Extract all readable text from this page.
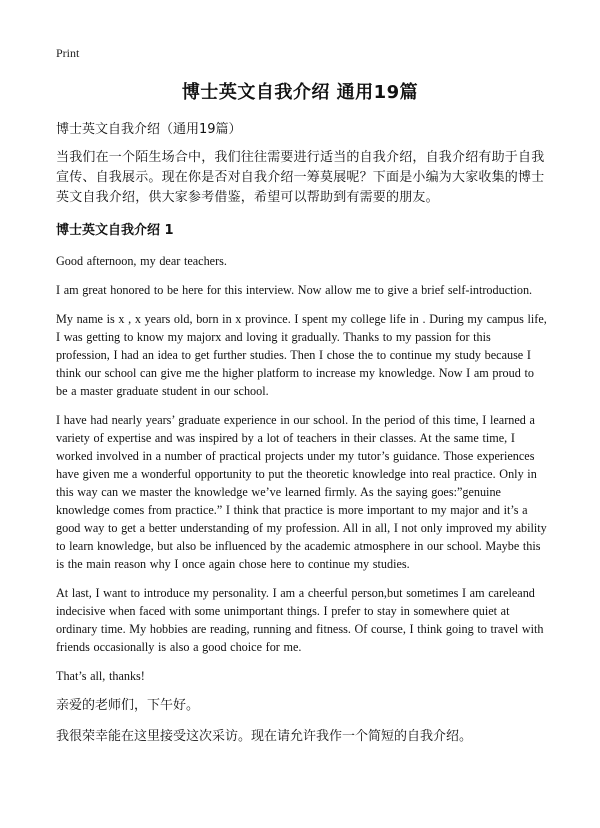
Print
博士英文自我介绍 通用19篇

博士英文自我介绍（通用19篇）

当我们在一个陌生场合中，我们往往需要进行适当的自我介绍，自我介绍有助于自我宣传、自我展示。现在你是否对自我介绍一筹莫展呢？下面是小编为大家收集的博士英文自我介绍，供大家参考借鉴，希望可以帮助到有需要的朋友。

博士英文自我介绍 1

Good afternoon, my dear teachers.

I am great honored to be here for this interview. Now allow me to give a brief self-introduction.

My name is x , x years old, born in x province. I spent my college life in . During my campus life, I was getting to know my majorx and loving it gradually. Thanks to my passion for this profession, I had an idea to get further studies. Then I chose the to continue my study because I think our school can give me the higher platform to increase my knowledge. Now I am proud to be a master graduate student in our school.

I have had nearly years’ graduate experience in our school. In the period of this time, I learned a variety of expertise and was inspired by a lot of teachers in their classes. At the same time, I worked involved in a number of practical projects under my tutor’s guidance. Those experiences have given me a wonderful opportunity to put the theoretic knowledge into real practice. Only in this way can we master the knowledge we’ve learned firmly. As the saying goes:”genuine knowledge comes from practice.” I think that practice is more important to my major and it’s a good way to get a better understanding of my profession. All in all, I not only improved my ability to learn knowledge, but also be influenced by the academic atmosphere in our school. Maybe this is the main reason why I once again chose here to continue my studies.

At last, I want to introduce my personality. I am a cheerful person,but sometimes I am careleand indecisive when faced with some unimportant things. I prefer to stay in somewhere quiet at ordinary time. My hobbies are reading, running and fitness. Of course, I think going to travel with friends occasionally is also a good choice for me.

That’s all, thanks!

亲爱的老师们，下午好。

我很荣幸能在这里接受这次采访。现在请允许我作一个简短的自我介绍。
